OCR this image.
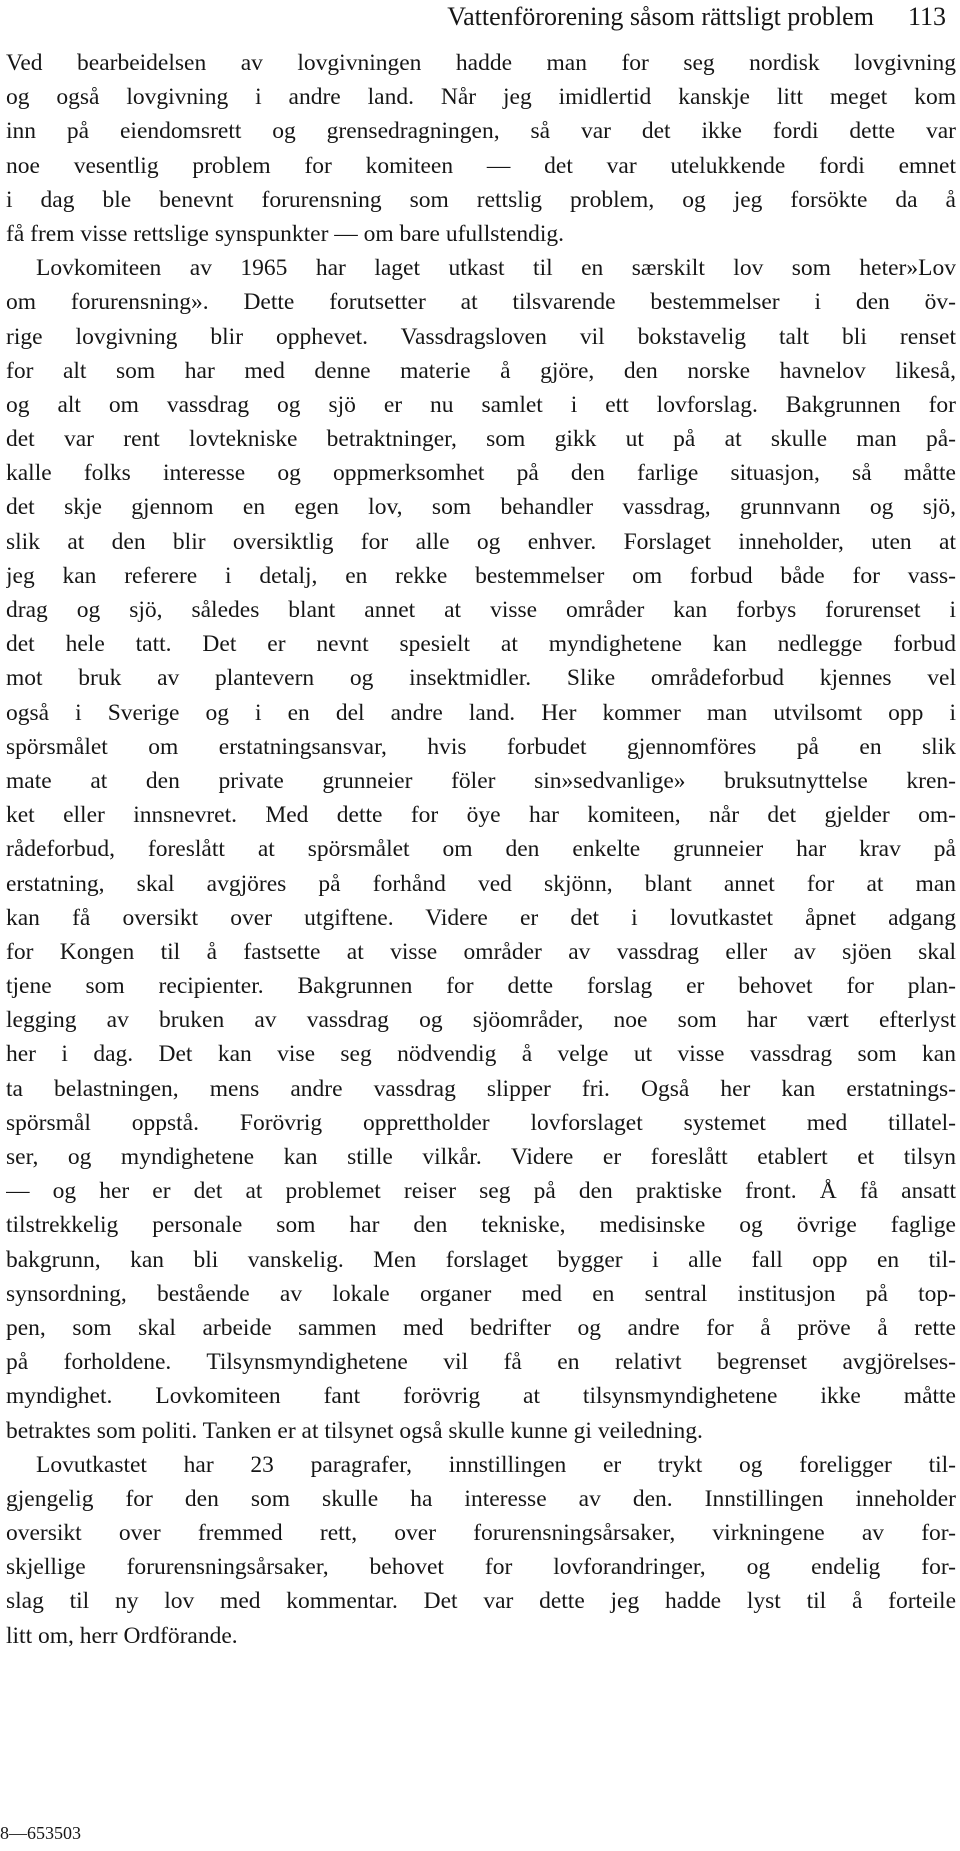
Vattenförorening såsom rättsligt problem 113
Ved bearbeidelsen av lovgivningen hadde man for seg nordisk lovgivning
og også lovgivning i andre land. Når jeg imidlertid kanskje litt meget kom
inn på eiendomsrett og grensedragningen, så var det ikke fordi dette var
noe vesentlig problem for komiteen — det var utelukkende fordi emnet
i dag ble benevnt forurensning som rettslig problem, og jeg forsökte da å
få frem visse rettslige synspunkter — om bare ufullstendig.
Lovkomiteen av 1965 har laget utkast til en særskilt lov som heter»Lov
om forurensning». Dette forutsetter at tilsvarende bestemmelser i den öv-
rige lovgivning blir opphevet. Vassdragsloven vil bokstavelig talt bli renset
for alt som har med denne materie å gjöre, den norske havnelov likeså,
og alt om vassdrag og sjö er nu samlet i ett lovforslag. Bakgrunnen for
det var rent lovtekniske betraktninger, som gikk ut på at skulle man på-
kalle folks interesse og oppmerksomhet på den farlige situasjon, så måtte
det skje gjennom en egen lov, som behandler vassdrag, grunnvann og sjö,
slik at den blir oversiktlig for alle og enhver. Forslaget inneholder, uten at
jeg kan referere i detalj, en rekke bestemmelser om forbud både for vass-
drag og sjö, således blant annet at visse områder kan forbys forurenset i
det hele tatt. Det er nevnt spesielt at myndighetene kan nedlegge forbud
mot bruk av plantevern og insektmidler. Slike områdeforbud kjennes vel
også i Sverige og i en del andre land. Her kommer man utvilsomt opp i
spörsmålet om erstatningsansvar, hvis forbudet gjennomföres på en slik
mate at den private grunneier föler sin»sedvanlige» bruksutnyttelse kren-
ket eller innsnevret. Med dette for öye har komiteen, når det gjelder om-
rådeforbud, foreslått at spörsmålet om den enkelte grunneier har krav på
erstatning, skal avgjöres på forhånd ved skjönn, blant annet for at man
kan få oversikt over utgiftene. Videre er det i lovutkastet åpnet adgang
for Kongen til å fastsette at visse områder av vassdrag eller av sjöen skal
tjene som recipienter. Bakgrunnen for dette forslag er behovet for plan-
legging av bruken av vassdrag og sjöområder, noe som har vært efterlyst
her i dag. Det kan vise seg nödvendig å velge ut visse vassdrag som kan
ta belastningen, mens andre vassdrag slipper fri. Også her kan erstatnings-
spörsmål oppstå. Forövrig opprettholder lovforslaget systemet med tillatel-
ser, og myndighetene kan stille vilkår. Videre er foreslått etablert et tilsyn
— og her er det at problemet reiser seg på den praktiske front. Å få ansatt
tilstrekkelig personale som har den tekniske, medisinske og övrige faglige
bakgrunn, kan bli vanskelig. Men forslaget bygger i alle fall opp en til-
synsordning, bestående av lokale organer med en sentral institusjon på top-
pen, som skal arbeide sammen med bedrifter og andre for å pröve å rette
på forholdene. Tilsynsmyndighetene vil få en relativt begrenset avgjörelses-
myndighet. Lovkomiteen fant forövrig at tilsynsmyndighetene ikke måtte
betraktes som politi. Tanken er at tilsynet også skulle kunne gi veiledning.
Lovutkastet har 23 paragrafer, innstillingen er trykt og foreligger til-
gjengelig for den som skulle ha interesse av den. Innstillingen inneholder
oversikt over fremmed rett, over forurensningsårsaker, virkningene av for-
skjellige forurensningsårsaker, behovet for lovforandringer, og endelig for-
slag til ny lov med kommentar. Det var dette jeg hadde lyst til å forteile
litt om, herr Ordförande.
8—653503
